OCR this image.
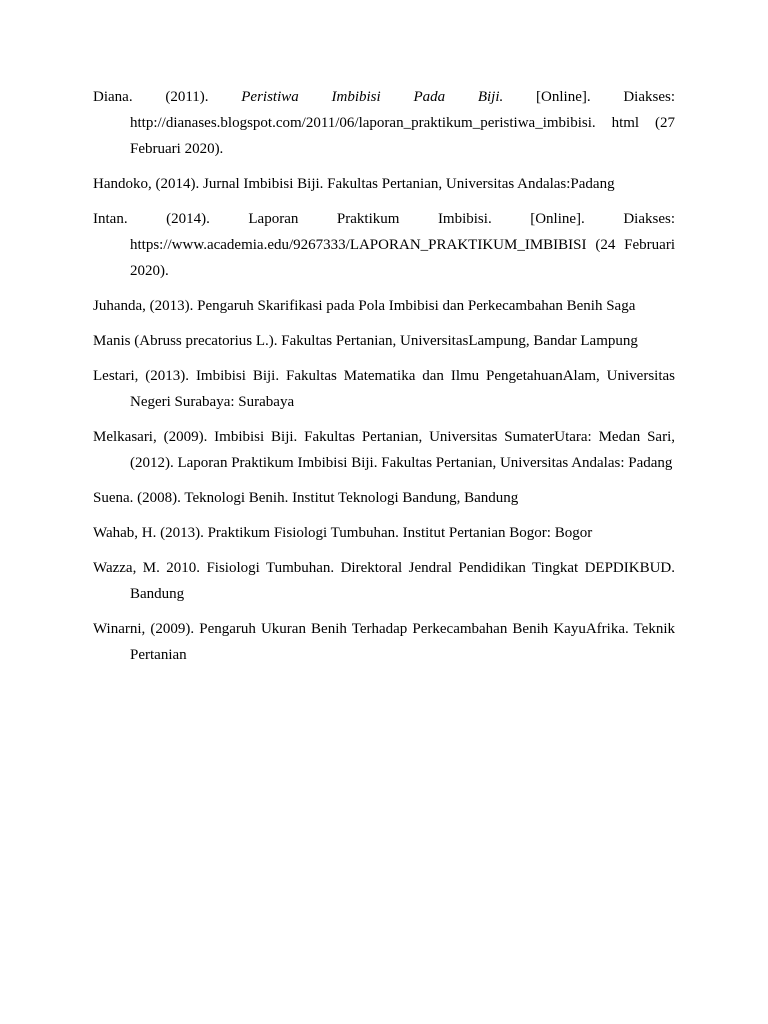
Diana. (2011). Peristiwa Imbibisi Pada Biji. [Online]. Diakses: http://dianases.blogspot.com/2011/06/laporan_praktikum_peristiwa_imbibisi. html (27 Februari 2020).

Handoko, (2014). Jurnal Imbibisi Biji. Fakultas Pertanian, Universitas Andalas:Padang

Intan. (2014). Laporan Praktikum Imbibisi. [Online]. Diakses: https://www.academia.edu/9267333/LAPORAN_PRAKTIKUM_IMBIBISI (24 Februari 2020).

Juhanda, (2013). Pengaruh Skarifikasi pada Pola Imbibisi dan Perkecambahan Benih Saga

Manis (Abruss precatorius L.). Fakultas Pertanian, UniversitasLampung, Bandar Lampung

Lestari, (2013). Imbibisi Biji. Fakultas Matematika dan Ilmu PengetahuanAlam, Universitas Negeri Surabaya: Surabaya

Melkasari, (2009). Imbibisi Biji. Fakultas Pertanian, Universitas SumaterUtara: Medan Sari, (2012). Laporan Praktikum Imbibisi Biji. Fakultas Pertanian, Universitas Andalas: Padang

Suena. (2008). Teknologi Benih. Institut Teknologi Bandung, Bandung

Wahab, H. (2013). Praktikum Fisiologi Tumbuhan. Institut Pertanian Bogor: Bogor

Wazza, M. 2010. Fisiologi Tumbuhan. Direktoral Jendral Pendidikan Tingkat DEPDIKBUD. Bandung

Winarni, (2009). Pengaruh Ukuran Benih Terhadap Perkecambahan Benih KayuAfrika. Teknik Pertanian
